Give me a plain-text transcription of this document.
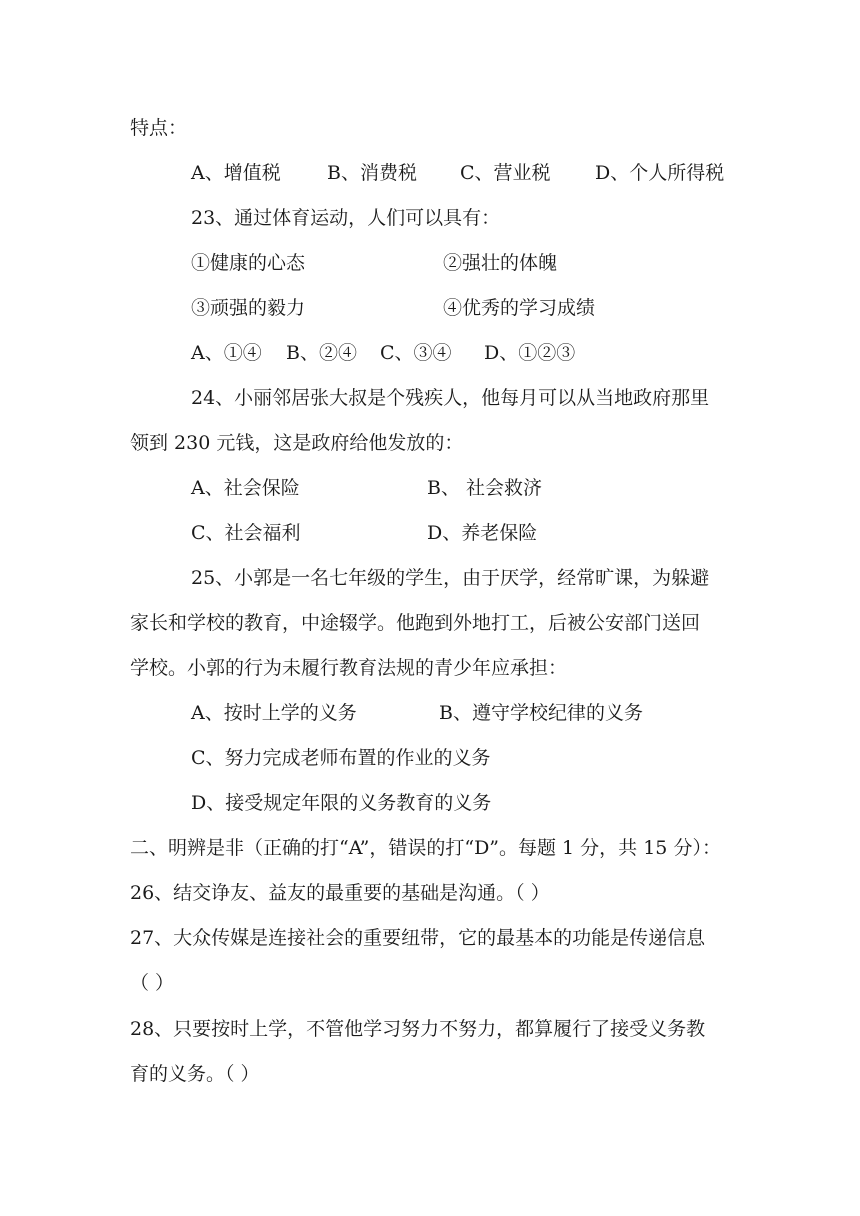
特点：
A、增值税 B、消费税 C、营业税 D、个人所得税
23、通过体育运动，人们可以具有：
①健康的心态	②强壮的体魄
③顽强的毅力	④优秀的学习成绩
A、①④ B、②④ C、③④ D、①②③
24、小丽邻居张大叔是个残疾人，他每月可以从当地政府那里
领到 230 元钱，这是政府给他发放的：
A、社会保险	B、 社会救济
C、社会福利	D、养老保险
25、小郭是一名七年级的学生，由于厌学，经常旷课，为躲避
家长和学校的教育，中途辍学。他跑到外地打工，后被公安部门送回
学校。小郭的行为未履行教育法规的青少年应承担：
A、按时上学的义务	B、遵守学校纪律的义务
C、努力完成老师布置的作业的义务
D、接受规定年限的义务教育的义务
二、明辨是非（正确的打“A”，错误的打“D”。每题 1 分，共 15 分）：
26、结交诤友、益友的最重要的基础是沟通。（ ）
27、大众传媒是连接社会的重要纽带，它的最基本的功能是传递信息
（ ）
28、只要按时上学，不管他学习努力不努力，都算履行了接受义务教
育的义务。（ ）
